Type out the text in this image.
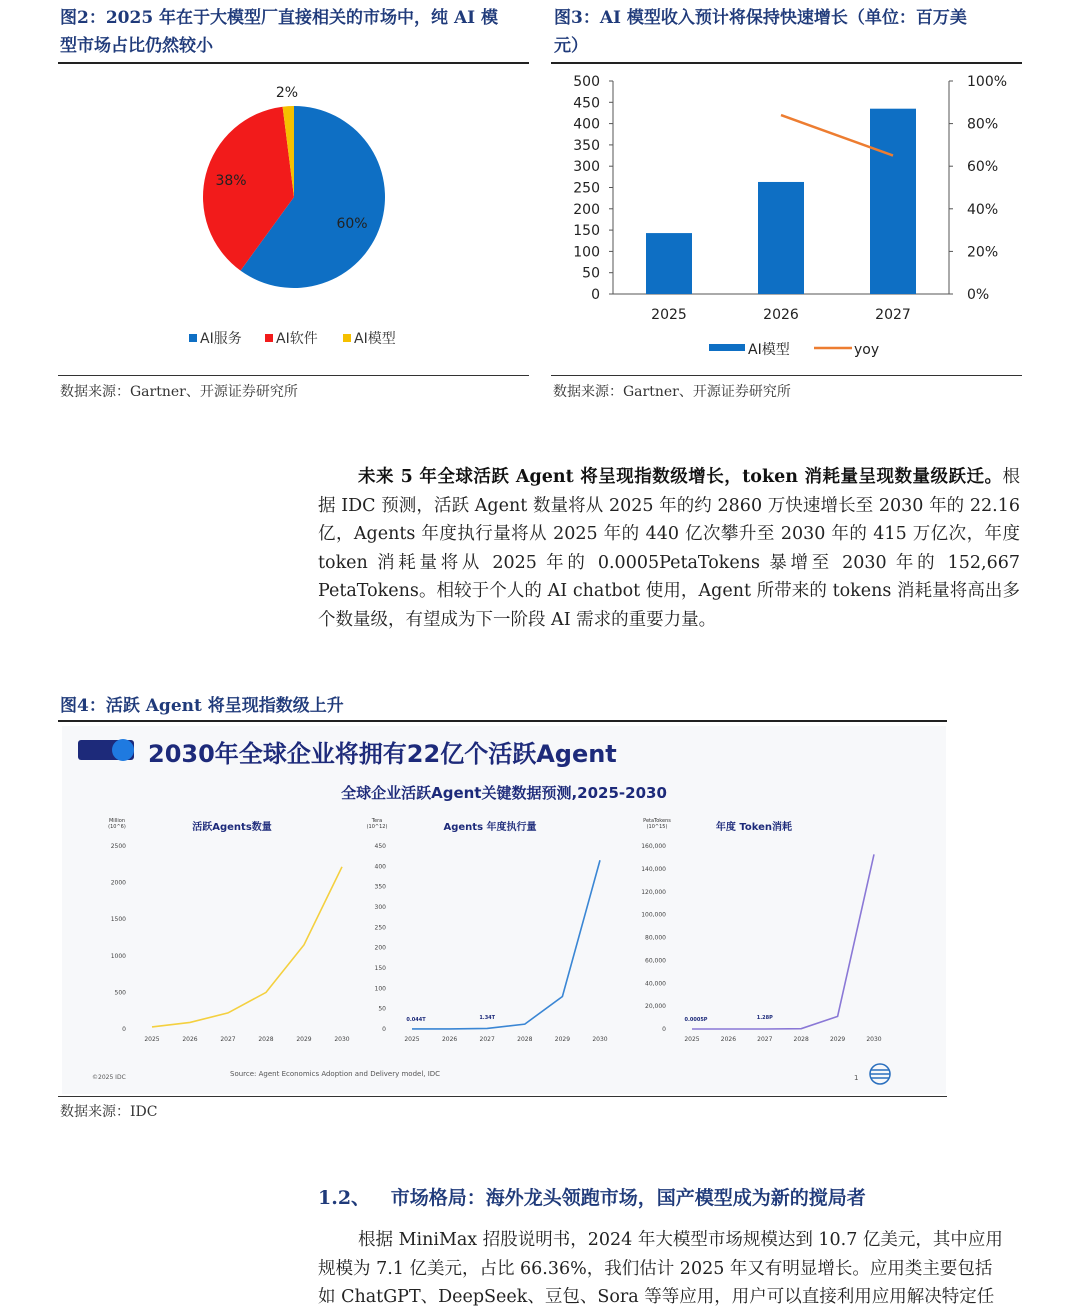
图2：2025 年在于大模型厂直接相关的市场中，纯 AI 模
型市场占比仍然较小
60%
38%
2%
AI服务 AI软件	AI模型
数据来源：Gartner、开源证券研究所
图3：AI 模型收入预计将保持快速增长（单位：百万美
元）
0
50
100
150
200
250
300
350
400
450
500
0%
20%
40%
60%
80%
100%
2025	2026	2027
AI模型	yoy
数据来源：Gartner、开源证券研究所
未来 5 年全球活跃 Agent 将呈现指数级增长，token 消耗量呈现数量级跃迁。根据 IDC 预测，活跃 Agent 数量将从 2025 年的约 2860 万快速增长至 2030 年的 22.16 亿，Agents 年度执行量将从 2025 年的 440 亿次攀升至 2030 年的 415 万亿次，年度 token 消耗量将从 2025 年的 0.0005PetaTokens 暴增至 2030 年的 152,667 PetaTokens。相较于个人的 AI chatbot 使用，Agent 所带来的 tokens 消耗量将高出多个数量级，有望成为下一阶段 AI 需求的重要力量。
图4：活跃 Agent 将呈现指数级上升
2030年全球企业将拥有22亿个活跃Agent
全球企业活跃Agent关键数据预测,2025-2030
活跃Agents数量
Million
(10^6)
0
500
1000
1500
2000
2500
2025	2026	2027	2028	2029	2030
Agents 年度执行量
Tera
(10^12)
0
50
100
150
200
250
300
350
400
450
2025	2026	2027	2028	2029	2030
0.044T	1.34T
年度 Token消耗
PetaTokens
(10^15)
0
20,000
40,000
60,000
80,000
100,000
120,000
140,000
160,000
2025	2026	2027	2028	2029	2030
0.0005P	1.28P
©2025 IDC	Source: Agent Economics Adoption and Delivery model, IDC	1
数据来源：IDC
1.2、 市场格局：海外龙头领跑市场，国产模型成为新的搅局者
根据 MiniMax 招股说明书，2024 年大模型市场规模达到 10.7 亿美元，其中应用
规模为 7.1 亿美元，占比 66.36%，我们估计 2025 年又有明显增长。应用类主要包括
如 ChatGPT、DeepSeek、豆包、Sora 等等应用，用户可以直接利用应用解决特定任
